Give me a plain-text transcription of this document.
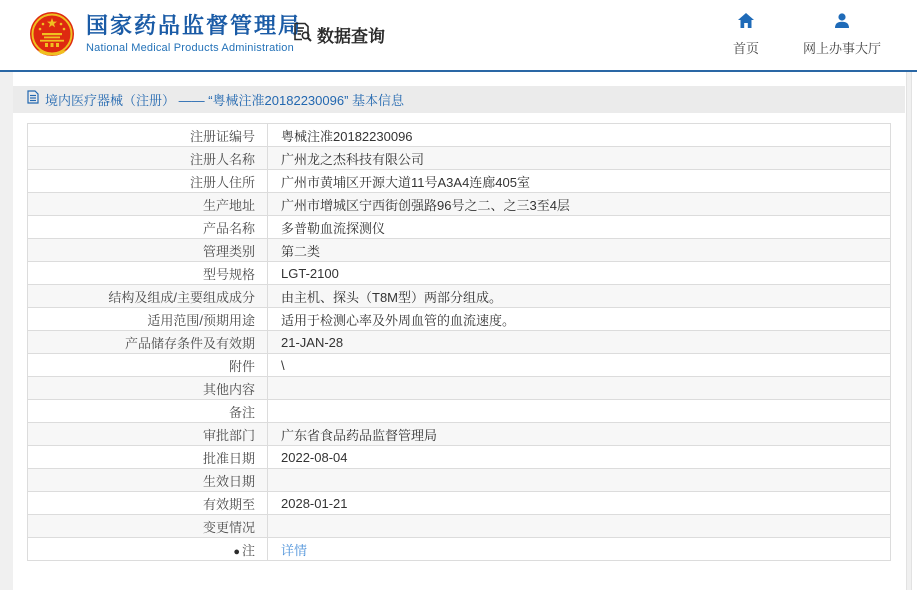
国家药品监督管理局
National Medical Products Administration
数据查询
首页	网上办事大厅
境内医疗器械（注册） —— “粤械注准20182230096” 基本信息
注册证编号	粤械注准20182230096
注册人名称	广州龙之杰科技有限公司
注册人住所	广州市黄埔区开源大道11号A3A4连廊405室
生产地址	广州市增城区宁西街创强路96号之二、之三3至4层
产品名称	多普勒血流探测仪
管理类别	第二类
型号规格	LGT-2100
结构及组成/主要组成成分	由主机、探头（T8M型）两部分组成。
适用范围/预期用途	适用于检测心率及外周血管的血流速度。
产品储存条件及有效期	21-JAN-28
附件	\
其他内容	
备注	
审批部门	广东省食品药品监督管理局
批准日期	2022-08-04
生效日期	
有效期至	2028-01-21
变更情况	
● 注	详情
